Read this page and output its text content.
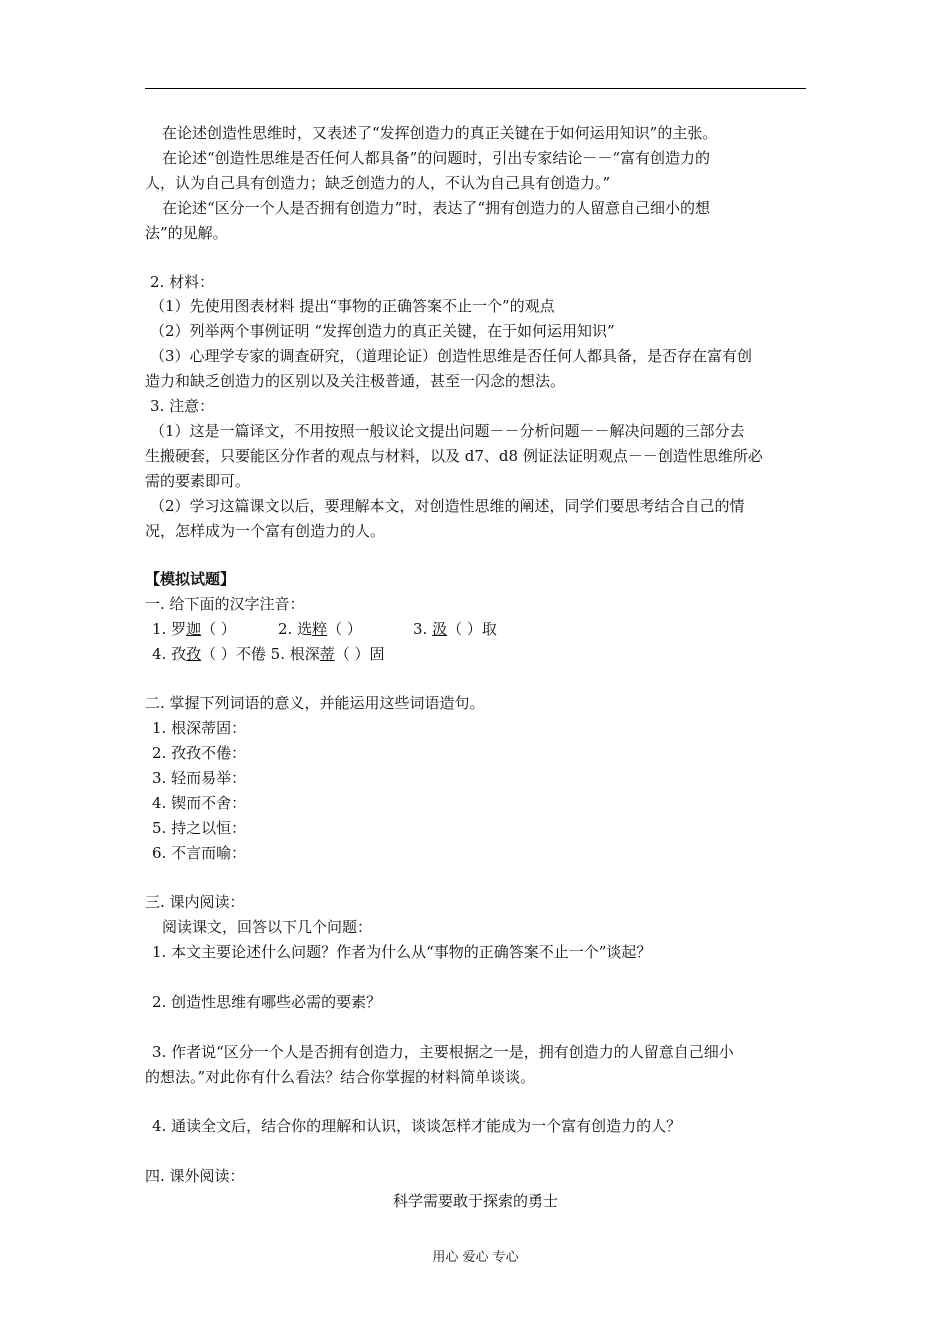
在论述创造性思维时，又表述了“发挥创造力的真正关键在于如何运用知识”的主张。
在论述“创造性思维是否任何人都具备”的问题时，引出专家结论－－“富有创造力的
人，认为自己具有创造力；缺乏创造力的人，不认为自己具有创造力。”
在论述“区分一个人是否拥有创造力”时，表达了“拥有创造力的人留意自己细小的想
法”的见解。
2. 材料：
（1）先使用图表材料 提出“事物的正确答案不止一个”的观点
（2）列举两个事例证明 “发挥创造力的真正关键，在于如何运用知识”
（3）心理学专家的调查研究，（道理论证）创造性思维是否任何人都具备，是否存在富有创
造力和缺乏创造力的区别以及关注极普通，甚至一闪念的想法。
3. 注意：
（1）这是一篇译文，不用按照一般议论文提出问题－－分析问题－－解决问题的三部分去
生搬硬套，只要能区分作者的观点与材料，以及 d7、d8 例证法证明观点－－创造性思维所必
需的要素即可。
（2）学习这篇课文以后，要理解本文，对创造性思维的阐述，同学们要思考结合自己的情
况，怎样成为一个富有创造力的人。
【模拟试题】
一. 给下面的汉字注音：
1. 罗迦（ ）	2. 选粹（ ）	3. 汲（ ）取
4. 孜孜（ ）不倦 5. 根深蒂（ ）固
二. 掌握下列词语的意义，并能运用这些词语造句。
1. 根深蒂固：
2. 孜孜不倦：
3. 轻而易举：
4. 锲而不舍：
5. 持之以恒：
6. 不言而喻：
三. 课内阅读：
阅读课文，回答以下几个问题：
1. 本文主要论述什么问题？作者为什么从“事物的正确答案不止一个”谈起？
2. 创造性思维有哪些必需的要素？
3. 作者说“区分一个人是否拥有创造力，主要根据之一是，拥有创造力的人留意自己细小
的想法。”对此你有什么看法？结合你掌握的材料简单谈谈。
4. 通读全文后，结合你的理解和认识，谈谈怎样才能成为一个富有创造力的人？
四. 课外阅读：
科学需要敢于探索的勇士
用心 爱心 专心
